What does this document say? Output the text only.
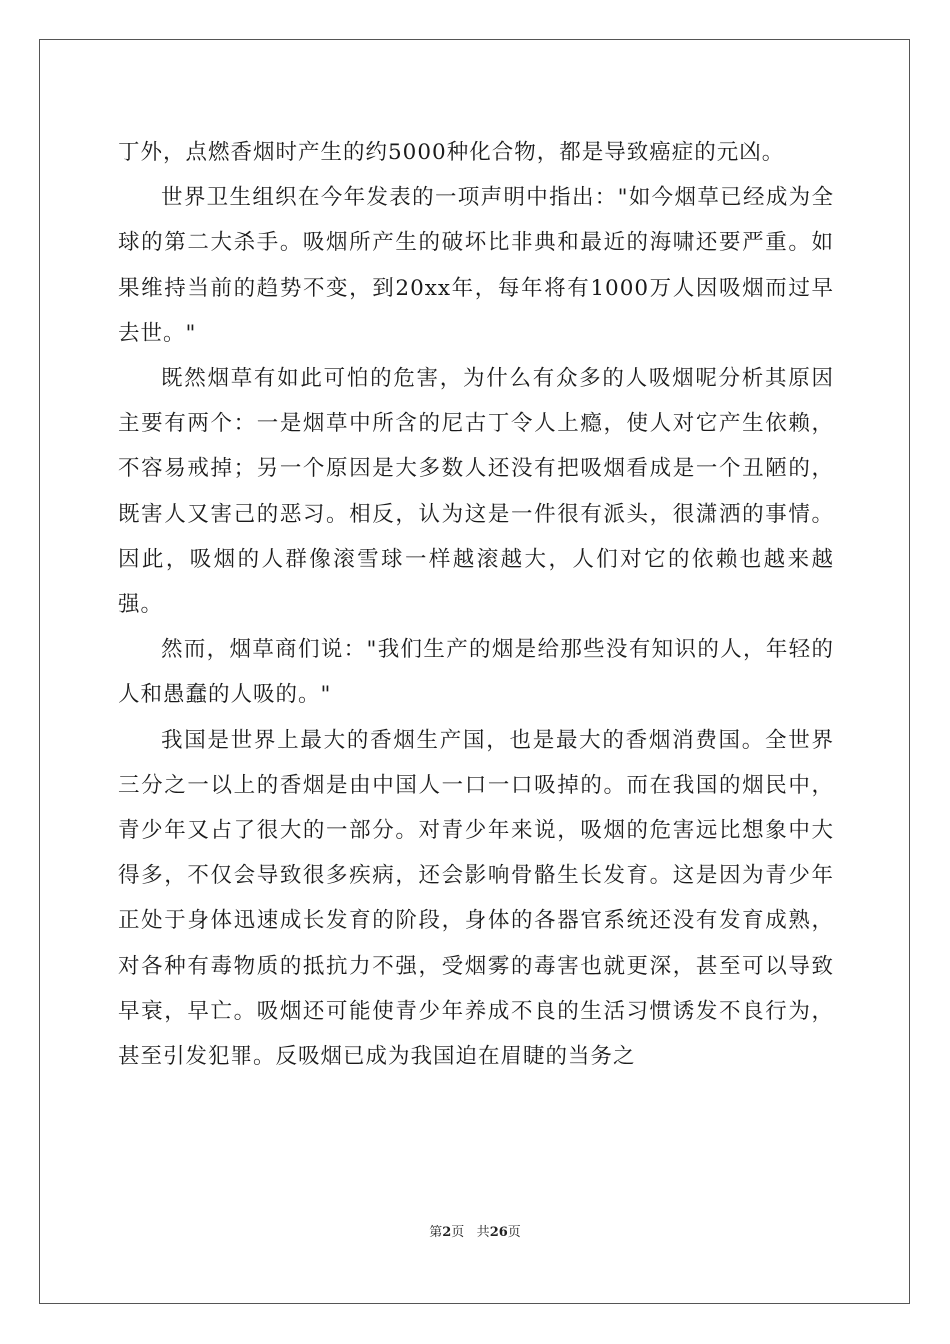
丁外，点燃香烟时产生的约5000种化合物，都是导致癌症的元凶。

世界卫生组织在今年发表的一项声明中指出："如今烟草已经成为全球的第二大杀手。吸烟所产生的破坏比非典和最近的海啸还要严重。如果维持当前的趋势不变，到20xx年，每年将有1000万人因吸烟而过早去世。"

既然烟草有如此可怕的危害，为什么有众多的人吸烟呢分析其原因主要有两个：一是烟草中所含的尼古丁令人上瘾，使人对它产生依赖，不容易戒掉；另一个原因是大多数人还没有把吸烟看成是一个丑陋的，既害人又害己的恶习。相反，认为这是一件很有派头，很潇洒的事情。因此，吸烟的人群像滚雪球一样越滚越大，人们对它的依赖也越来越强。

然而，烟草商们说："我们生产的烟是给那些没有知识的人，年轻的人和愚蠢的人吸的。"

我国是世界上最大的香烟生产国，也是最大的香烟消费国。全世界三分之一以上的香烟是由中国人一口一口吸掉的。而在我国的烟民中，青少年又占了很大的一部分。对青少年来说，吸烟的危害远比想象中大得多，不仅会导致很多疾病，还会影响骨骼生长发育。这是因为青少年正处于身体迅速成长发育的阶段，身体的各器官系统还没有发育成熟，对各种有毒物质的抵抗力不强，受烟雾的毒害也就更深，甚至可以导致早衰，早亡。吸烟还可能使青少年养成不良的生活习惯诱发不良行为，甚至引发犯罪。反吸烟已成为我国迫在眉睫的当务之

第2页 共26页
